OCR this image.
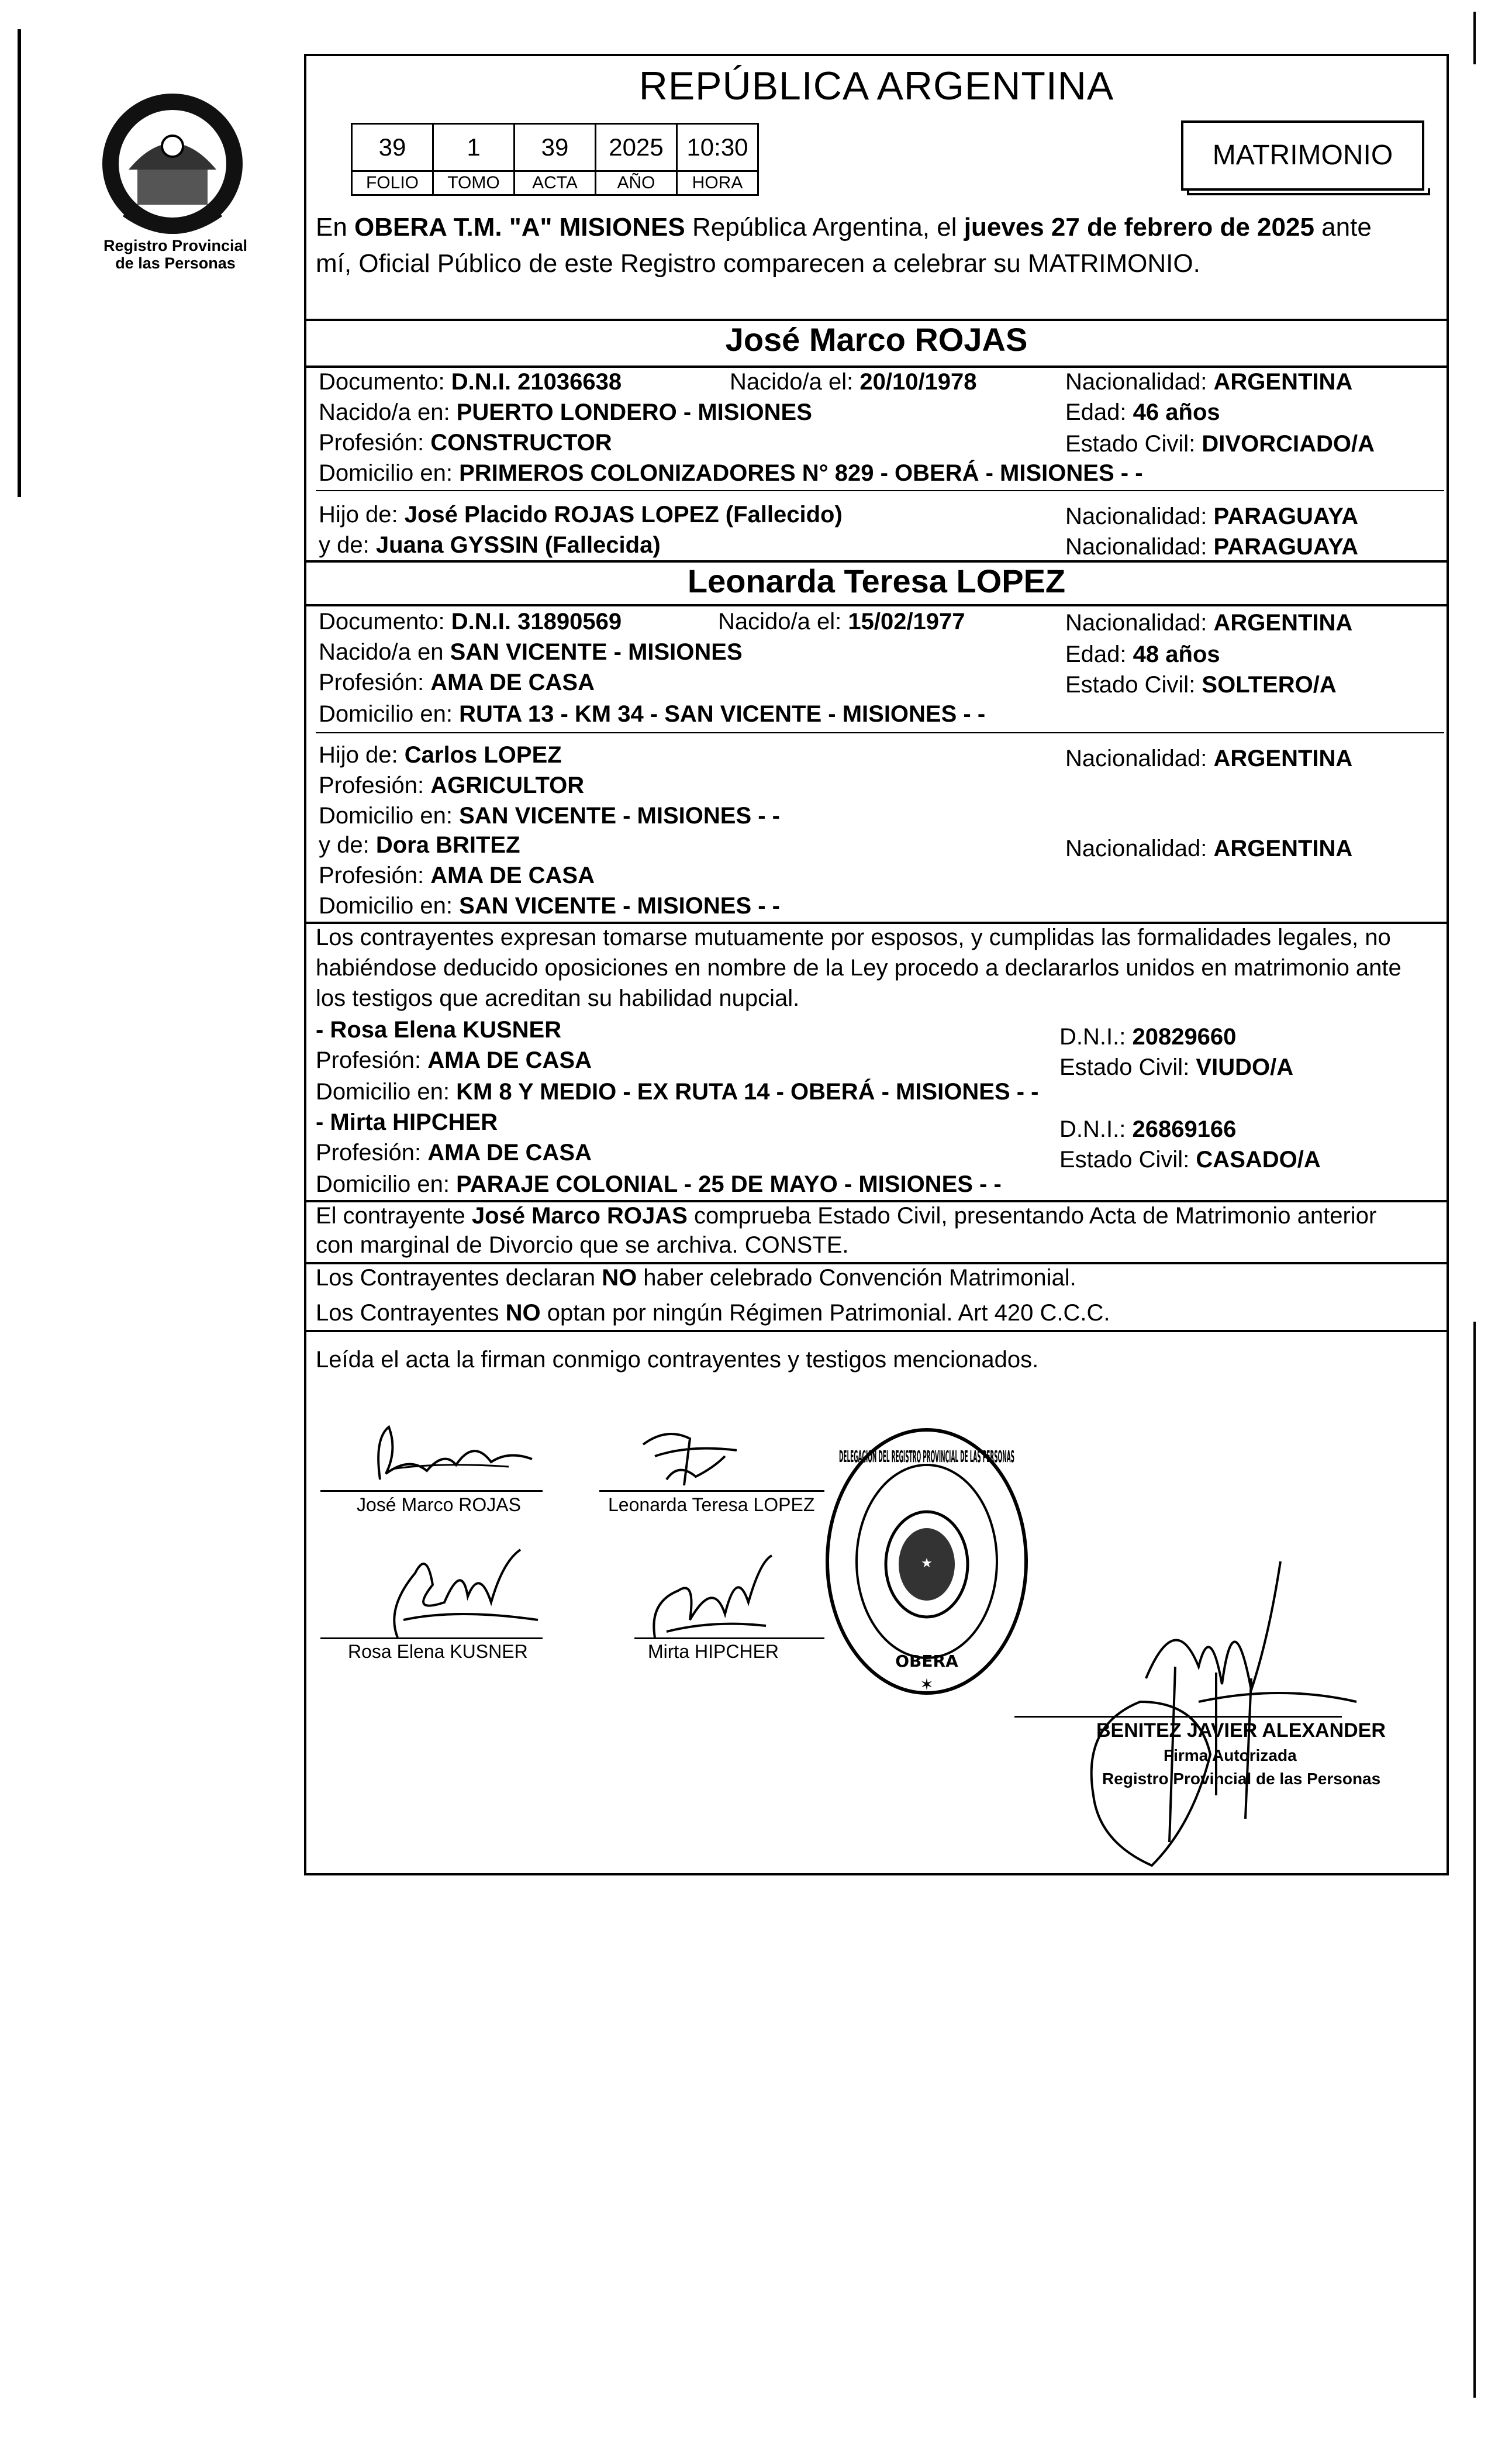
Registro Provincial
de las Personas
REPÚBLICA ARGENTINA
39	1	39	2025	10:30
FOLIO	TOMO	ACTA	AÑO	HORA
MATRIMONIO
En OBERA T.M. "A" MISIONES República Argentina, el jueves 27 de febrero de 2025 ante
mí, Oficial Público de este Registro comparecen a celebrar su MATRIMONIO.
José Marco ROJAS
Documento: D.N.I. 21036638	Nacido/a el: 20/10/1978	Nacionalidad: ARGENTINA
Nacido/a en: PUERTO LONDERO - MISIONES	Edad: 46 años
Profesión: CONSTRUCTOR	Estado Civil: DIVORCIADO/A
Domicilio en: PRIMEROS COLONIZADORES N° 829 - OBERÁ - MISIONES - -
Hijo de: José Placido ROJAS LOPEZ (Fallecido)	Nacionalidad: PARAGUAYA
y de: Juana GYSSIN (Fallecida)	Nacionalidad: PARAGUAYA
Leonarda Teresa LOPEZ
Documento: D.N.I. 31890569	Nacido/a el: 15/02/1977	Nacionalidad: ARGENTINA
Nacido/a en SAN VICENTE - MISIONES	Edad: 48 años
Profesión: AMA DE CASA	Estado Civil: SOLTERO/A
Domicilio en: RUTA 13 - KM 34 - SAN VICENTE - MISIONES - -
Hijo de: Carlos LOPEZ	Nacionalidad: ARGENTINA
Profesión: AGRICULTOR
Domicilio en: SAN VICENTE - MISIONES - -
y de: Dora BRITEZ	Nacionalidad: ARGENTINA
Profesión: AMA DE CASA
Domicilio en: SAN VICENTE - MISIONES - -
Los contrayentes expresan tomarse mutuamente por esposos, y cumplidas las formalidades legales, no
habiéndose deducido oposiciones en nombre de la Ley procedo a declararlos unidos en matrimonio ante
los testigos que acreditan su habilidad nupcial.
- Rosa Elena KUSNER	D.N.I.: 20829660
Profesión: AMA DE CASA	Estado Civil: VIUDO/A
Domicilio en: KM 8 Y MEDIO - EX RUTA 14 - OBERÁ - MISIONES - -
- Mirta HIPCHER	D.N.I.: 26869166
Profesión: AMA DE CASA	Estado Civil: CASADO/A
Domicilio en: PARAJE COLONIAL - 25 DE MAYO - MISIONES - -
El contrayente José Marco ROJAS comprueba Estado Civil, presentando Acta de Matrimonio anterior
con marginal de Divorcio que se archiva. CONSTE.
Los Contrayentes declaran NO haber celebrado Convención Matrimonial.
Los Contrayentes NO optan por ningún Régimen Patrimonial. Art 420 C.C.C.
Leída el acta la firman conmigo contrayentes y testigos mencionados.
José Marco ROJAS	Leonarda Teresa LOPEZ
Rosa Elena KUSNER	Mirta HIPCHER
★
DELEGACION DEL REGISTRO PROVINCIAL DE LAS PERSONAS
OBERA
✶
BENITEZ JAVIER ALEXANDER
Firma Autorizada
Registro Provincial de las Personas
